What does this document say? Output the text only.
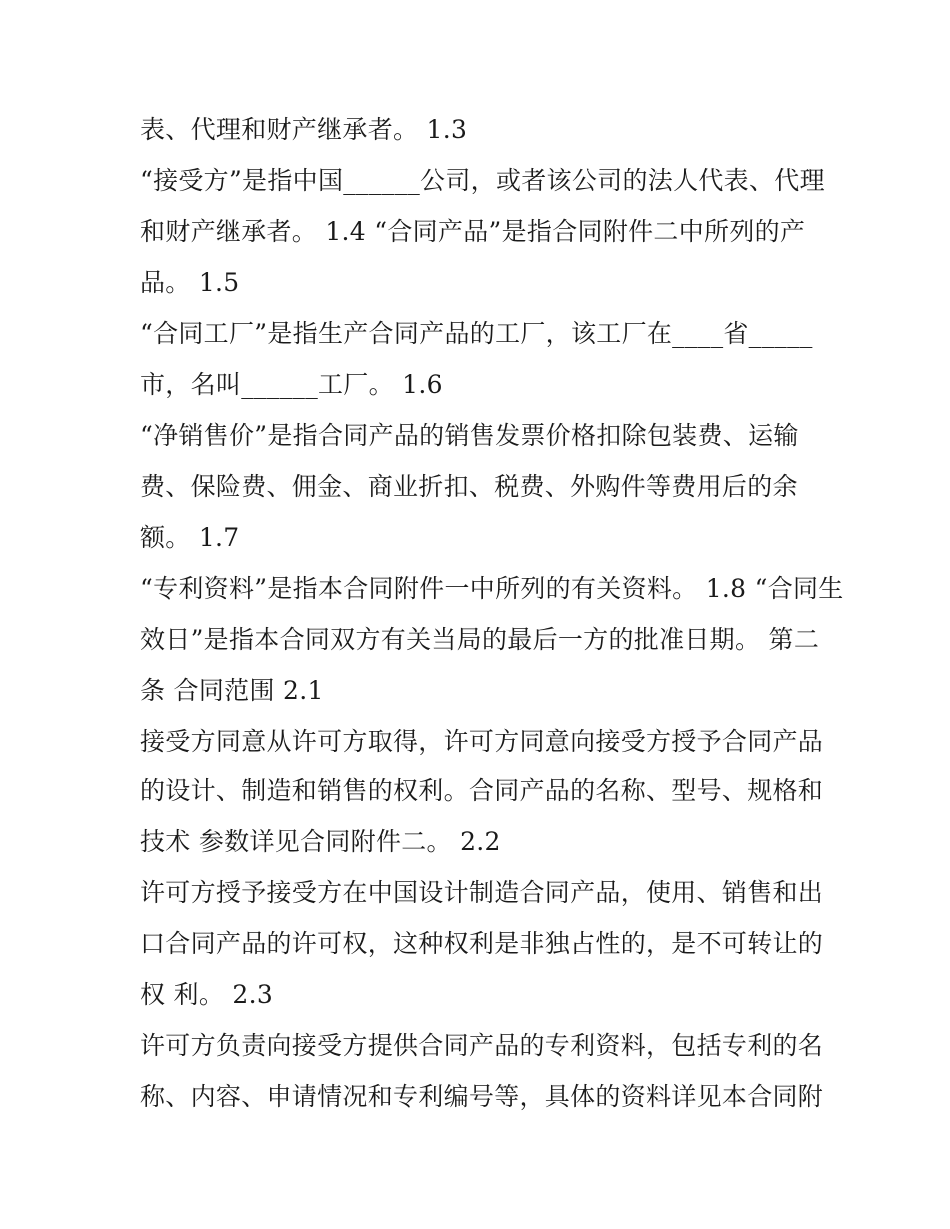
表、代理和财产继承者。 1.3
“接受方”是指中国______公司，或者该公司的法人代表、代理
和财产继承者。 1.4 “合同产品”是指合同附件二中所列的产
品。 1.5
“合同工厂”是指生产合同产品的工厂，该工厂在____省_____
市，名叫______工厂。 1.6
“净销售价”是指合同产品的销售发票价格扣除包装费、运输
费、保险费、佣金、商业折扣、税费、外购件等费用后的余
额。 1.7
“专利资料”是指本合同附件一中所列的有关资料。 1.8 “合同生
效日”是指本合同双方有关当局的最后一方的批准日期。 第二
条 合同范围 2.1
接受方同意从许可方取得，许可方同意向接受方授予合同产品
的设计、制造和销售的权利。合同产品的名称、型号、规格和
技术 参数详见合同附件二。 2.2
许可方授予接受方在中国设计制造合同产品，使用、销售和出
口合同产品的许可权，这种权利是非独占性的，是不可转让的
权 利。 2.3
许可方负责向接受方提供合同产品的专利资料，包括专利的名
称、内容、申请情况和专利编号等，具体的资料详见本合同附
